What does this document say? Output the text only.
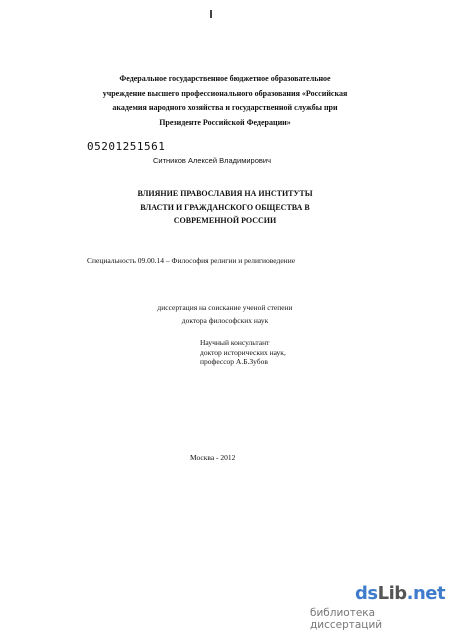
Федеральное государственное бюджетное образовательное
учреждение высшего профессионального образования «Российская
академия народного хозяйства и государственной службы при
Президенте Российской Федерации»
05201251561
Ситников Алексей Владимирович
ВЛИЯНИЕ ПРАВОСЛАВИЯ НА ИНСТИТУТЫ
ВЛАСТИ И ГРАЖДАНСКОГО ОБЩЕСТВА В
СОВРЕМЕННОЙ РОССИИ
Специальность 09.00.14 – Философия религии и религиоведение
диссертация на соискание ученой степени
доктора философских наук
Научный консультант
доктор исторических наук,
профессор А.Б.Зубов
Москва - 2012
dsLib.net
библиотека диссертаций
